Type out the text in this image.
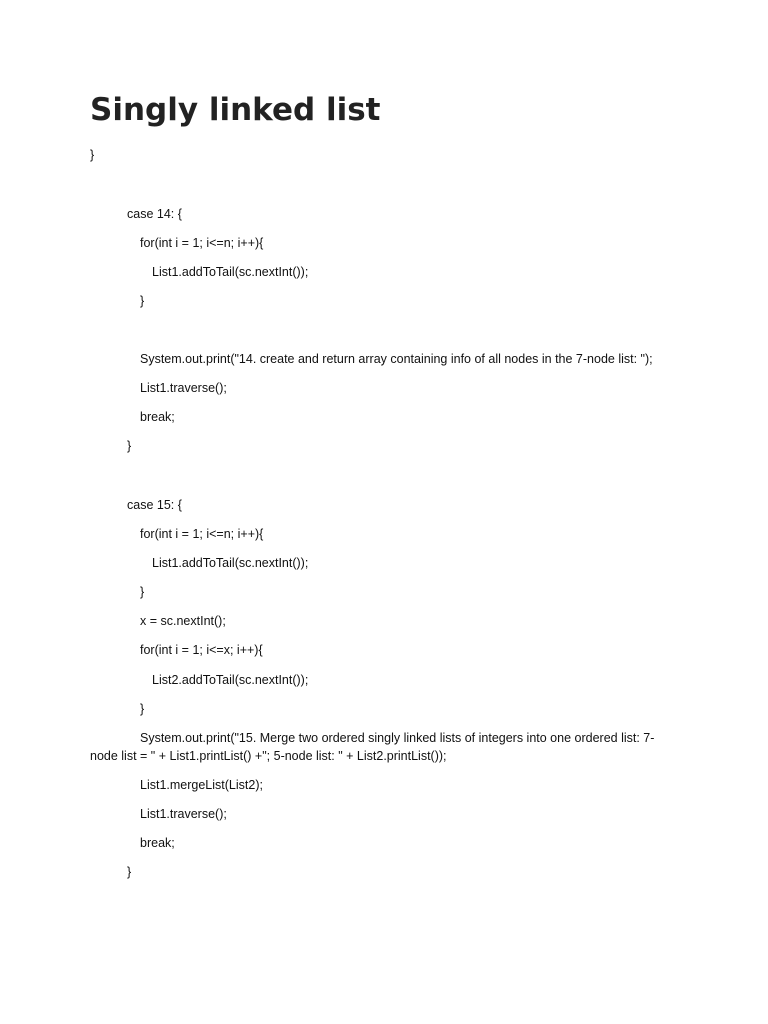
Singly linked list
}
case 14: {
for(int i = 1; i<=n; i++){
List1.addToTail(sc.nextInt());
}
System.out.print("14. create and return array containing info of all nodes in the 7-node list: ");
List1.traverse();
break;
}
case 15: {
for(int i = 1; i<=n; i++){
List1.addToTail(sc.nextInt());
}
x = sc.nextInt();
for(int i = 1; i<=x; i++){
List2.addToTail(sc.nextInt());
}
System.out.print("15. Merge two ordered singly linked lists of integers into one ordered list: 7-node list = " + List1.printList() +"; 5-node list: " + List2.printList());
List1.mergeList(List2);
List1.traverse();
break;
}
